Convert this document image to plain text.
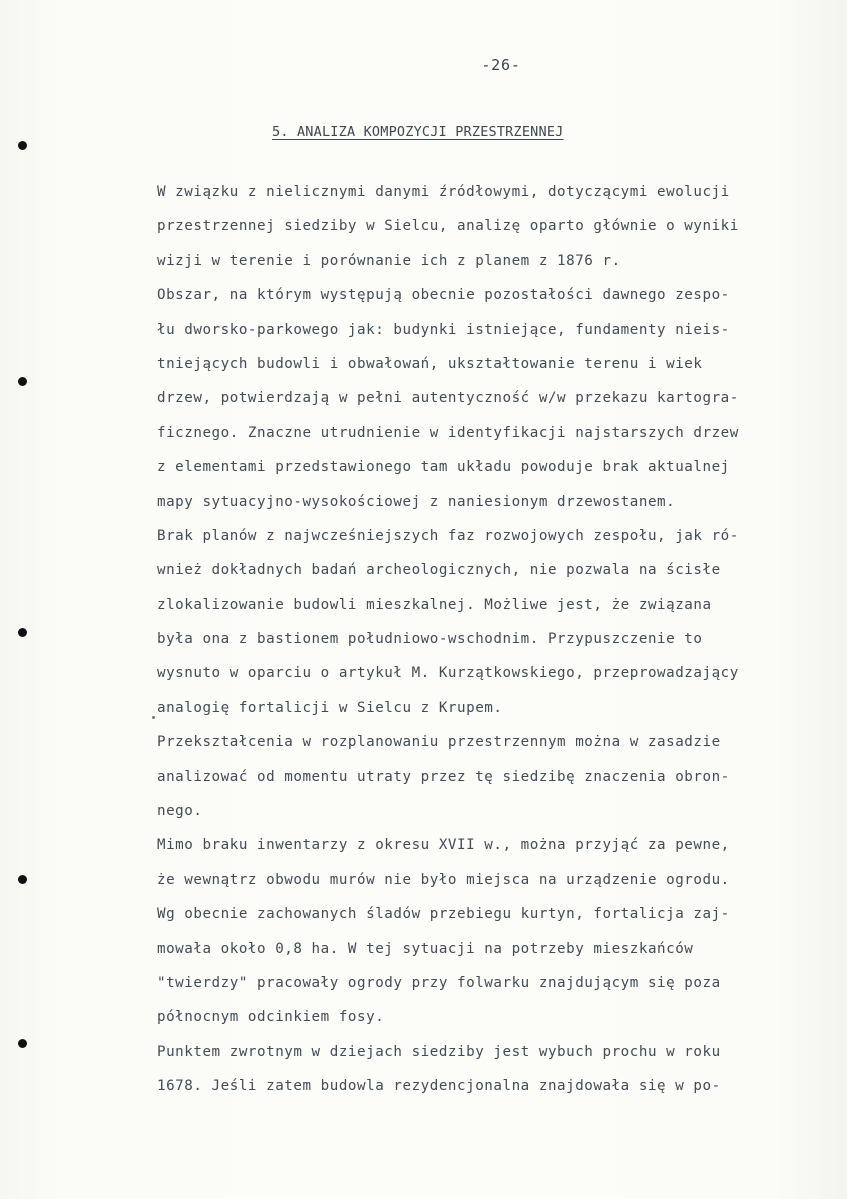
-26-
5. ANALIZA KOMPOZYCJI PRZESTRZENNEJ
W związku z nielicznymi danymi źródłowymi, dotyczącymi ewolucji
przestrzennej siedziby w Sielcu, analizę oparto głównie o wyniki
wizji w terenie i porównanie ich z planem z 1876 r.
Obszar, na którym występują obecnie pozostałości dawnego zespo-
łu dworsko-parkowego jak: budynki istniejące, fundamenty nieis-
tniejących budowli i obwałowań, ukształtowanie terenu i wiek
drzew, potwierdzają w pełni autentyczność w/w przekazu kartogra-
ficznego. Znaczne utrudnienie w identyfikacji najstarszych drzew
z elementami przedstawionego tam układu powoduje brak aktualnej
mapy sytuacyjno-wysokościowej z naniesionym drzewostanem.
Brak planów z najwcześniejszych faz rozwojowych zespołu, jak ró-
wnież dokładnych badań archeologicznych, nie pozwala na ścisłe
zlokalizowanie budowli mieszkalnej. Możliwe jest, że związana
była ona z bastionem południowo-wschodnim. Przypuszczenie to
wysnuto w oparciu o artykuł M. Kurzątkowskiego, przeprowadzający
analogię fortalicji w Sielcu z Krupem.
Przekształcenia w rozplanowaniu przestrzennym można w zasadzie
analizować od momentu utraty przez tę siedzibę znaczenia obron-
nego.
Mimo braku inwentarzy z okresu XVII w., można przyjąć za pewne,
że wewnątrz obwodu murów nie było miejsca na urządzenie ogrodu.
Wg obecnie zachowanych śladów przebiegu kurtyn, fortalicja zaj-
mowała około 0,8 ha. W tej sytuacji na potrzeby mieszkańców
"twierdzy" pracowały ogrody przy folwarku znajdującym się poza
północnym odcinkiem fosy.
Punktem zwrotnym w dziejach siedziby jest wybuch prochu w roku
1678. Jeśli zatem budowla rezydencjonalna znajdowała się w po-
